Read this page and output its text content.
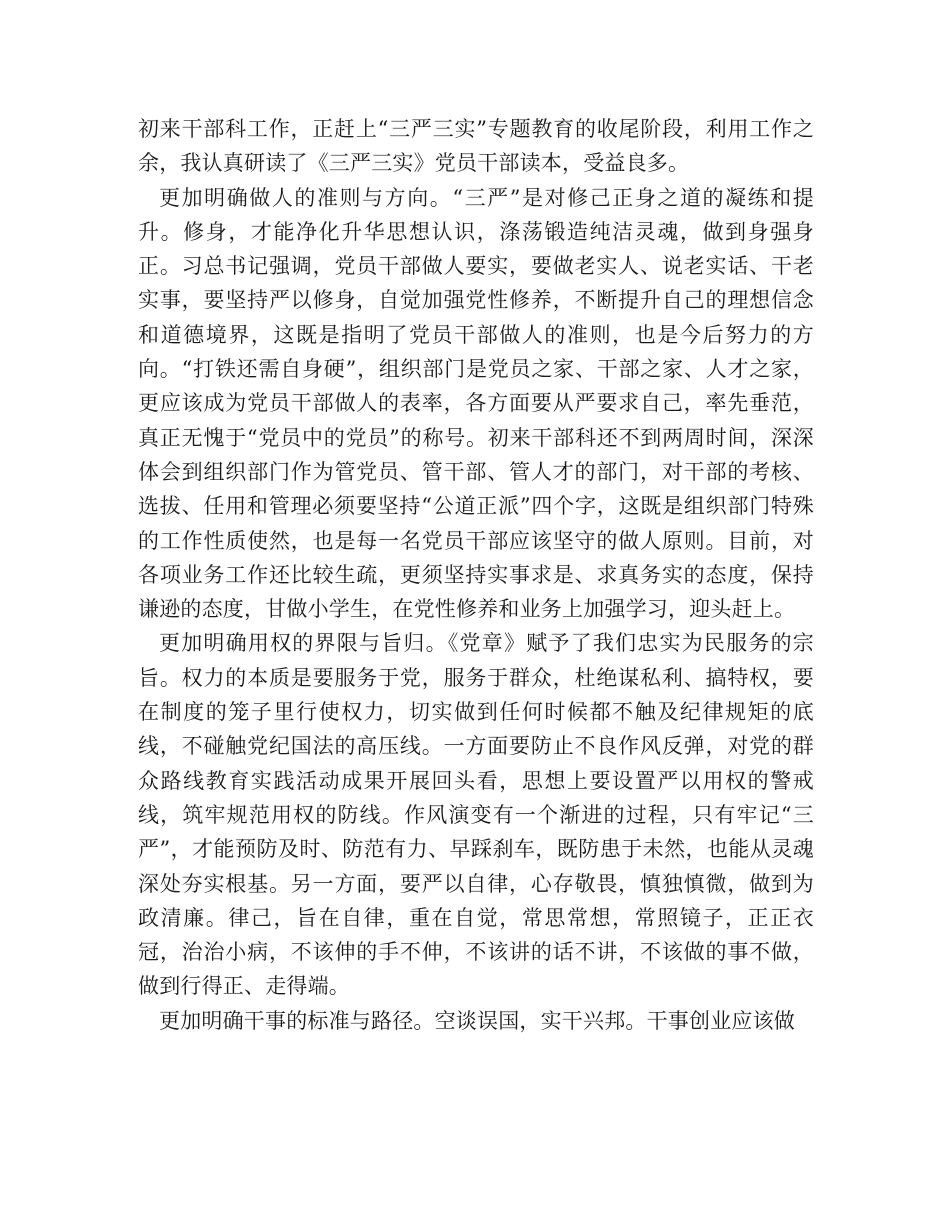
初来干部科工作，正赶上“三严三实”专题教育的收尾阶段，利用工作之余，我认真研读了《三严三实》党员干部读本，受益良多。

更加明确做人的准则与方向。“三严”是对修己正身之道的凝练和提升。修身，才能净化升华思想认识，涤荡锻造纯洁灵魂，做到身强身正。习总书记强调，党员干部做人要实，要做老实人、说老实话、干老实事，要坚持严以修身，自觉加强党性修养，不断提升自己的理想信念和道德境界，这既是指明了党员干部做人的准则，也是今后努力的方向。“打铁还需自身硬”，组织部门是党员之家、干部之家、人才之家，更应该成为党员干部做人的表率，各方面要从严要求自己，率先垂范，真正无愧于“党员中的党员”的称号。初来干部科还不到两周时间，深深体会到组织部门作为管党员、管干部、管人才的部门，对干部的考核、选拔、任用和管理必须要坚持“公道正派”四个字，这既是组织部门特殊的工作性质使然，也是每一名党员干部应该坚守的做人原则。目前，对各项业务工作还比较生疏，更须坚持实事求是、求真务实的态度，保持谦逊的态度，甘做小学生，在党性修养和业务上加强学习，迎头赶上。

更加明确用权的界限与旨归。《党章》赋予了我们忠实为民服务的宗旨。权力的本质是要服务于党，服务于群众，杜绝谋私利、搞特权，要在制度的笼子里行使权力，切实做到任何时候都不触及纪律规矩的底线，不碰触党纪国法的高压线。一方面要防止不良作风反弹，对党的群众路线教育实践活动成果开展回头看，思想上要设置严以用权的警戒线，筑牢规范用权的防线。作风演变有一个渐进的过程，只有牢记“三严”，才能预防及时、防范有力、早踩刹车，既防患于未然，也能从灵魂深处夯实根基。另一方面，要严以自律，心存敬畏，慎独慎微，做到为政清廉。律己，旨在自律，重在自觉，常思常想，常照镜子，正正衣冠，治治小病，不该伸的手不伸，不该讲的话不讲，不该做的事不做，做到行得正、走得端。

更加明确干事的标准与路径。空谈误国，实干兴邦。干事创业应该做
